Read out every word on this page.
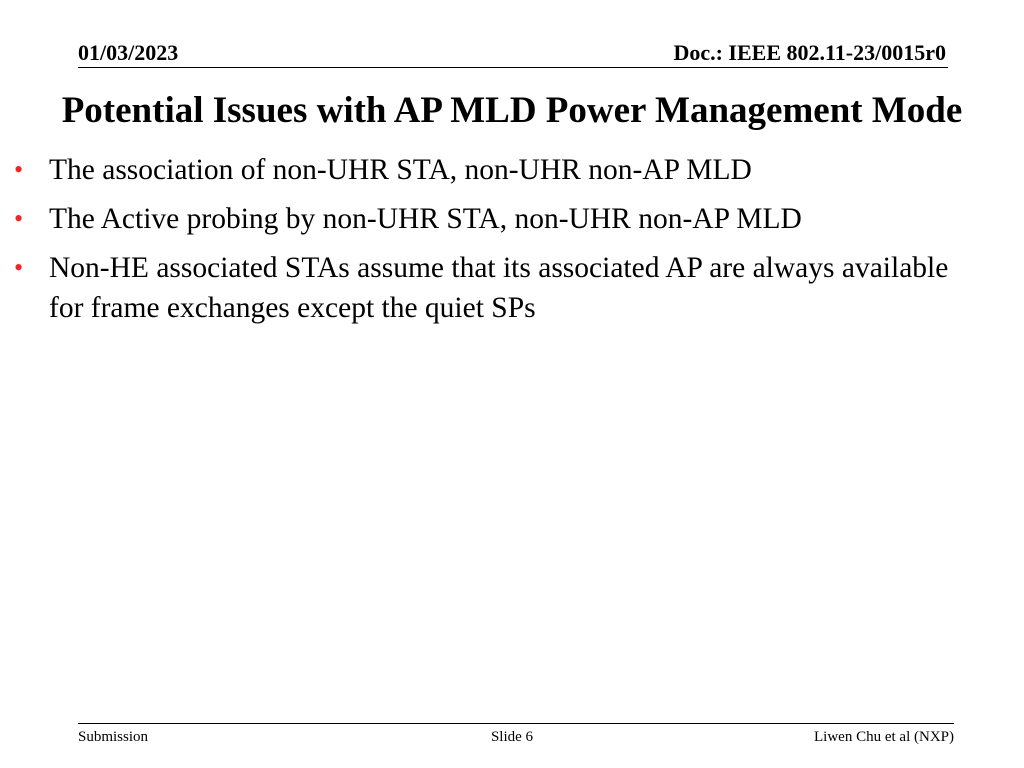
01/03/2023	Doc.: IEEE 802.11-23/0015r0
Potential Issues with AP MLD Power Management Mode
• The association of non-UHR STA, non-UHR non-AP MLD
• The Active probing by non-UHR STA, non-UHR non-AP MLD
• Non-HE associated STAs assume that its associated AP are always available for frame exchanges except the quiet SPs
Submission	Slide 6	Liwen Chu et al (NXP)
